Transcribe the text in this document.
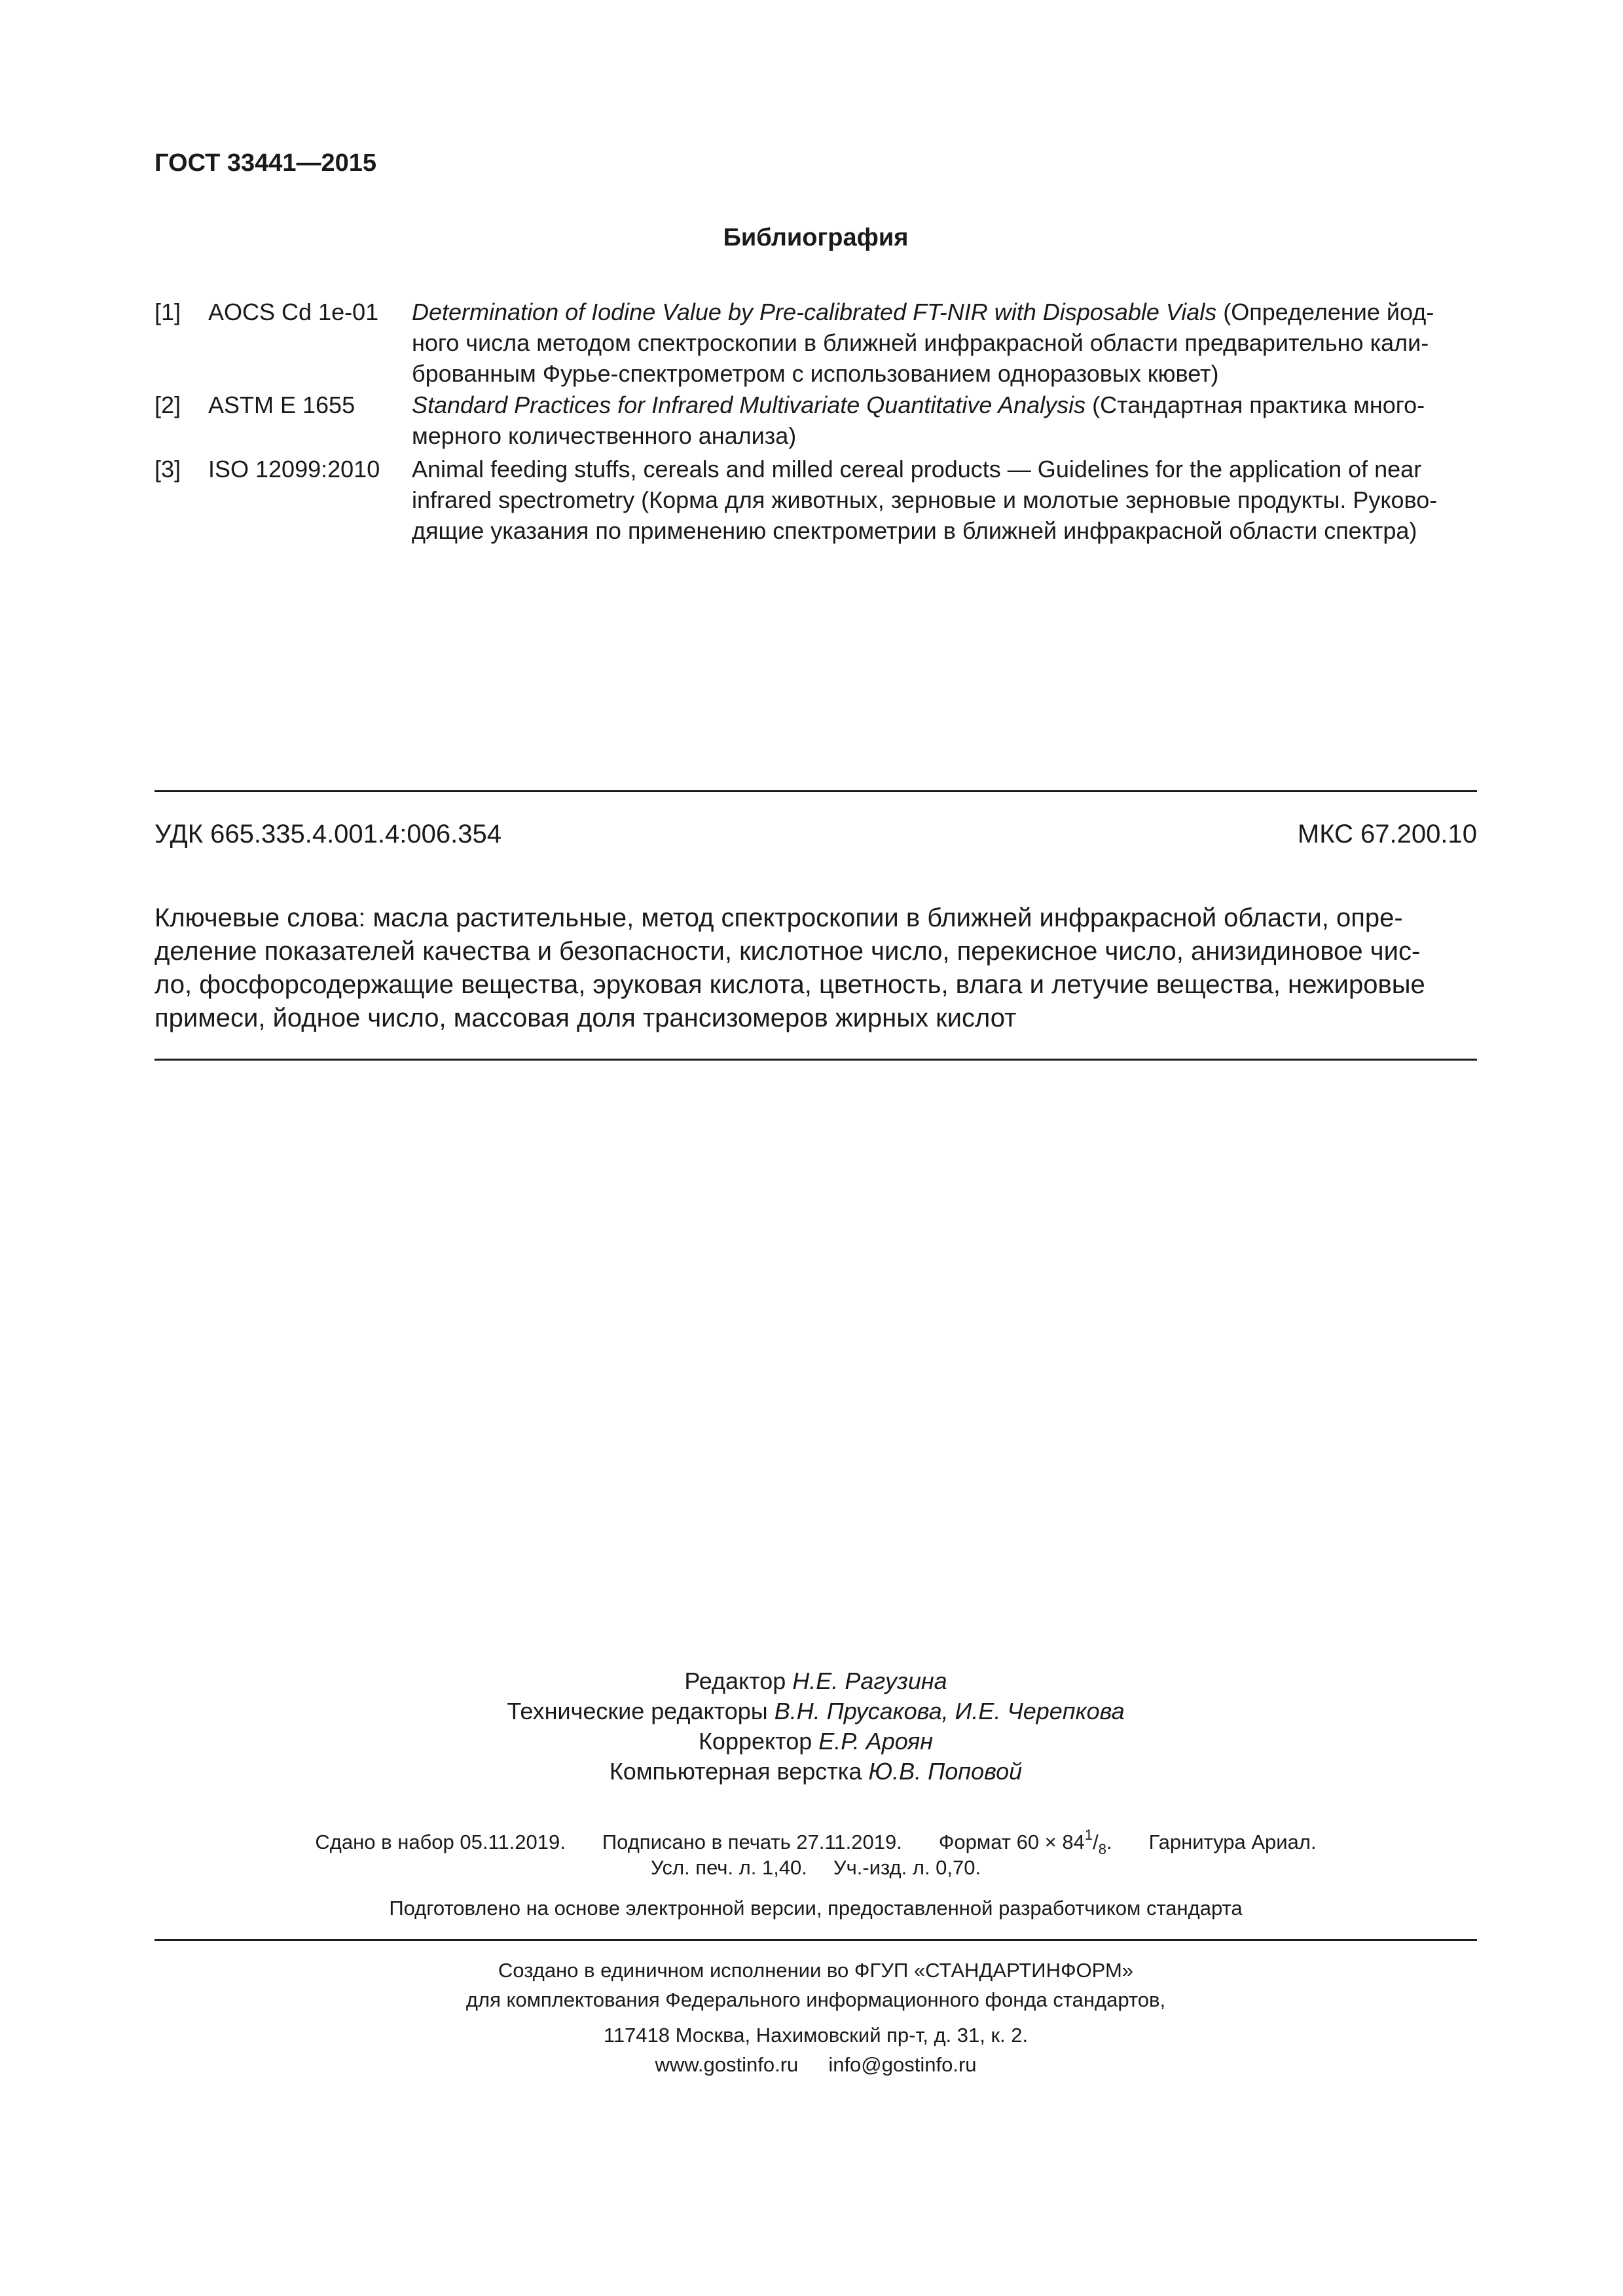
ГОСТ 33441—2015
Библиография
[1] AOCS Cd 1e-01 Determination of Iodine Value by Pre-calibrated FT-NIR with Disposable Vials (Определение йод-
ного числа методом спектроскопии в ближней инфракрасной области предварительно кали-
брованным Фурье-спектрометром с использованием одноразовых кювет)
[2] ASTM E 1655 Standard Practices for Infrared Multivariate Quantitative Analysis (Стандартная практика много-
мерного количественного анализа)
[3] ISO 12099:2010 Animal feeding stuffs, cereals and milled cereal products — Guidelines for the application of near
infrared spectrometry (Корма для животных, зерновые и молотые зерновые продукты. Руково-
дящие указания по применению спектрометрии в ближней инфракрасной области спектра)
УДК 665.335.4.001.4:006.354	МКС 67.200.10
Ключевые слова: масла растительные, метод спектроскопии в ближней инфракрасной области, опре-
деление показателей качества и безопасности, кислотное число, перекисное число, анизидиновое чис-
ло, фосфорсодержащие вещества, эруковая кислота, цветность, влага и летучие вещества, нежировые
примеси, йодное число, массовая доля трансизомеров жирных кислот
Редактор Н.Е. Рагузина
Технические редакторы В.Н. Прусакова, И.Е. Черепкова
Корректор Е.Р. Ароян
Компьютерная верстка Ю.В. Поповой
Сдано в набор 05.11.2019. Подписано в печать 27.11.2019. Формат $60 \times 84^1/_8$. Гарнитура Ариал.
Усл. печ. л. 1,40. Уч.-изд. л. 0,70.
Подготовлено на основе электронной версии, предоставленной разработчиком стандарта
Создано в единичном исполнении во ФГУП «СТАНДАРТИНФОРМ»
для комплектования Федерального информационного фонда стандартов,
117418 Москва, Нахимовский пр-т, д. 31, к. 2.
www.gostinfo.ru info@gostinfo.ru
